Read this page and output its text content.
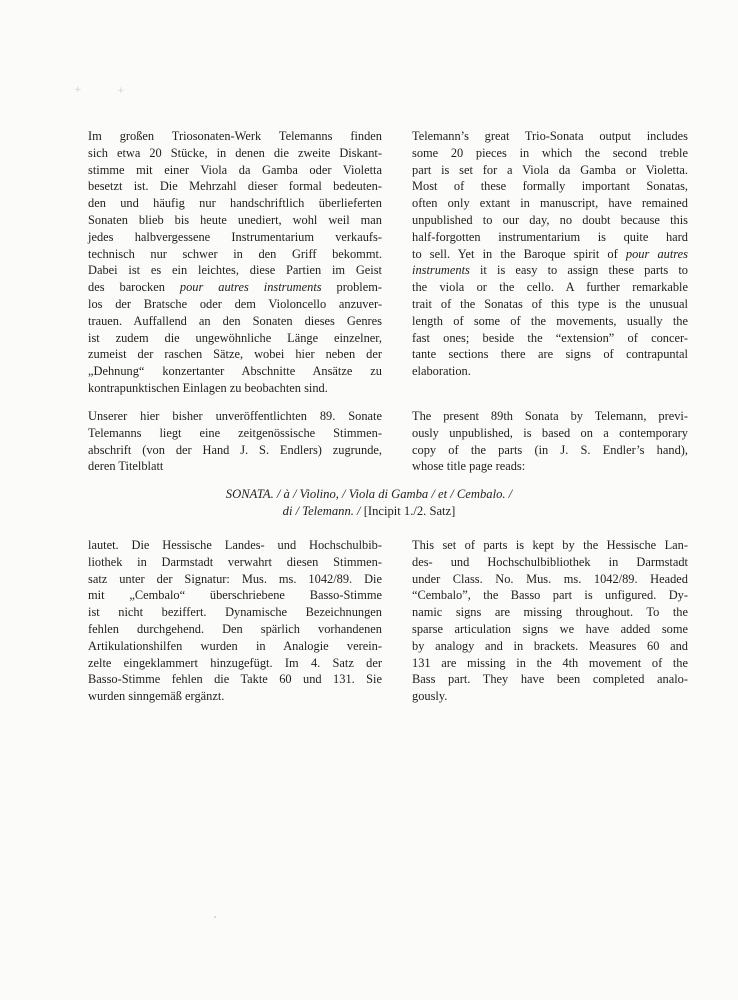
+	+
Im großen Triosonaten-Werk Telemanns finden
sich etwa 20 Stücke, in denen die zweite Diskant-
stimme mit einer Viola da Gamba oder Violetta
besetzt ist. Die Mehrzahl dieser formal bedeuten-
den und häufig nur handschriftlich überlieferten
Sonaten blieb bis heute unediert, wohl weil man
jedes halbvergessene Instrumentarium verkaufs-
technisch nur schwer in den Griff bekommt.
Dabei ist es ein leichtes, diese Partien im Geist
des barocken pour autres instruments problem-
los der Bratsche oder dem Violoncello anzuver-
trauen. Auffallend an den Sonaten dieses Genres
ist zudem die ungewöhnliche Länge einzelner,
zumeist der raschen Sätze, wobei hier neben der
„Dehnung“ konzertanter Abschnitte Ansätze zu
kontrapunktischen Einlagen zu beobachten sind.
Telemann’s great Trio-Sonata output includes
some 20 pieces in which the second treble
part is set for a Viola da Gamba or Violetta.
Most of these formally important Sonatas,
often only extant in manuscript, have remained
unpublished to our day, no doubt because this
half-forgotten instrumentarium is quite hard
to sell. Yet in the Baroque spirit of pour autres
instruments it is easy to assign these parts to
the viola or the cello. A further remarkable
trait of the Sonatas of this type is the unusual
length of some of the movements, usually the
fast ones; beside the “extension” of concer-
tante sections there are signs of contrapuntal
elaboration.
Unserer hier bisher unveröffentlichten 89. Sonate
Telemanns liegt eine zeitgenössische Stimmen-
abschrift (von der Hand J. S. Endlers) zugrunde,
deren Titelblatt
The present 89th Sonata by Telemann, previ-
ously unpublished, is based on a contemporary
copy of the parts (in J. S. Endler’s hand),
whose title page reads:
SONATA. / à / Violino, / Viola di Gamba / et / Cembalo. /
di / Telemann. / [Incipit 1./2. Satz]
lautet. Die Hessische Landes- und Hochschulbib-
liothek in Darmstadt verwahrt diesen Stimmen-
satz unter der Signatur: Mus. ms. 1042/89. Die
mit „Cembalo“ überschriebene Basso-Stimme
ist nicht beziffert. Dynamische Bezeichnungen
fehlen durchgehend. Den spärlich vorhandenen
Artikulationshilfen wurden in Analogie verein-
zelte eingeklammert hinzugefügt. Im 4. Satz der
Basso-Stimme fehlen die Takte 60 und 131. Sie
wurden sinngemäß ergänzt.
This set of parts is kept by the Hessische Lan-
des- und Hochschulbibliothek in Darmstadt
under Class. No. Mus. ms. 1042/89. Headed
“Cembalo”, the Basso part is unfigured. Dy-
namic signs are missing throughout. To the
sparse articulation signs we have added some
by analogy and in brackets. Measures 60 and
131 are missing in the 4th movement of the
Bass part. They have been completed analo-
gously.
